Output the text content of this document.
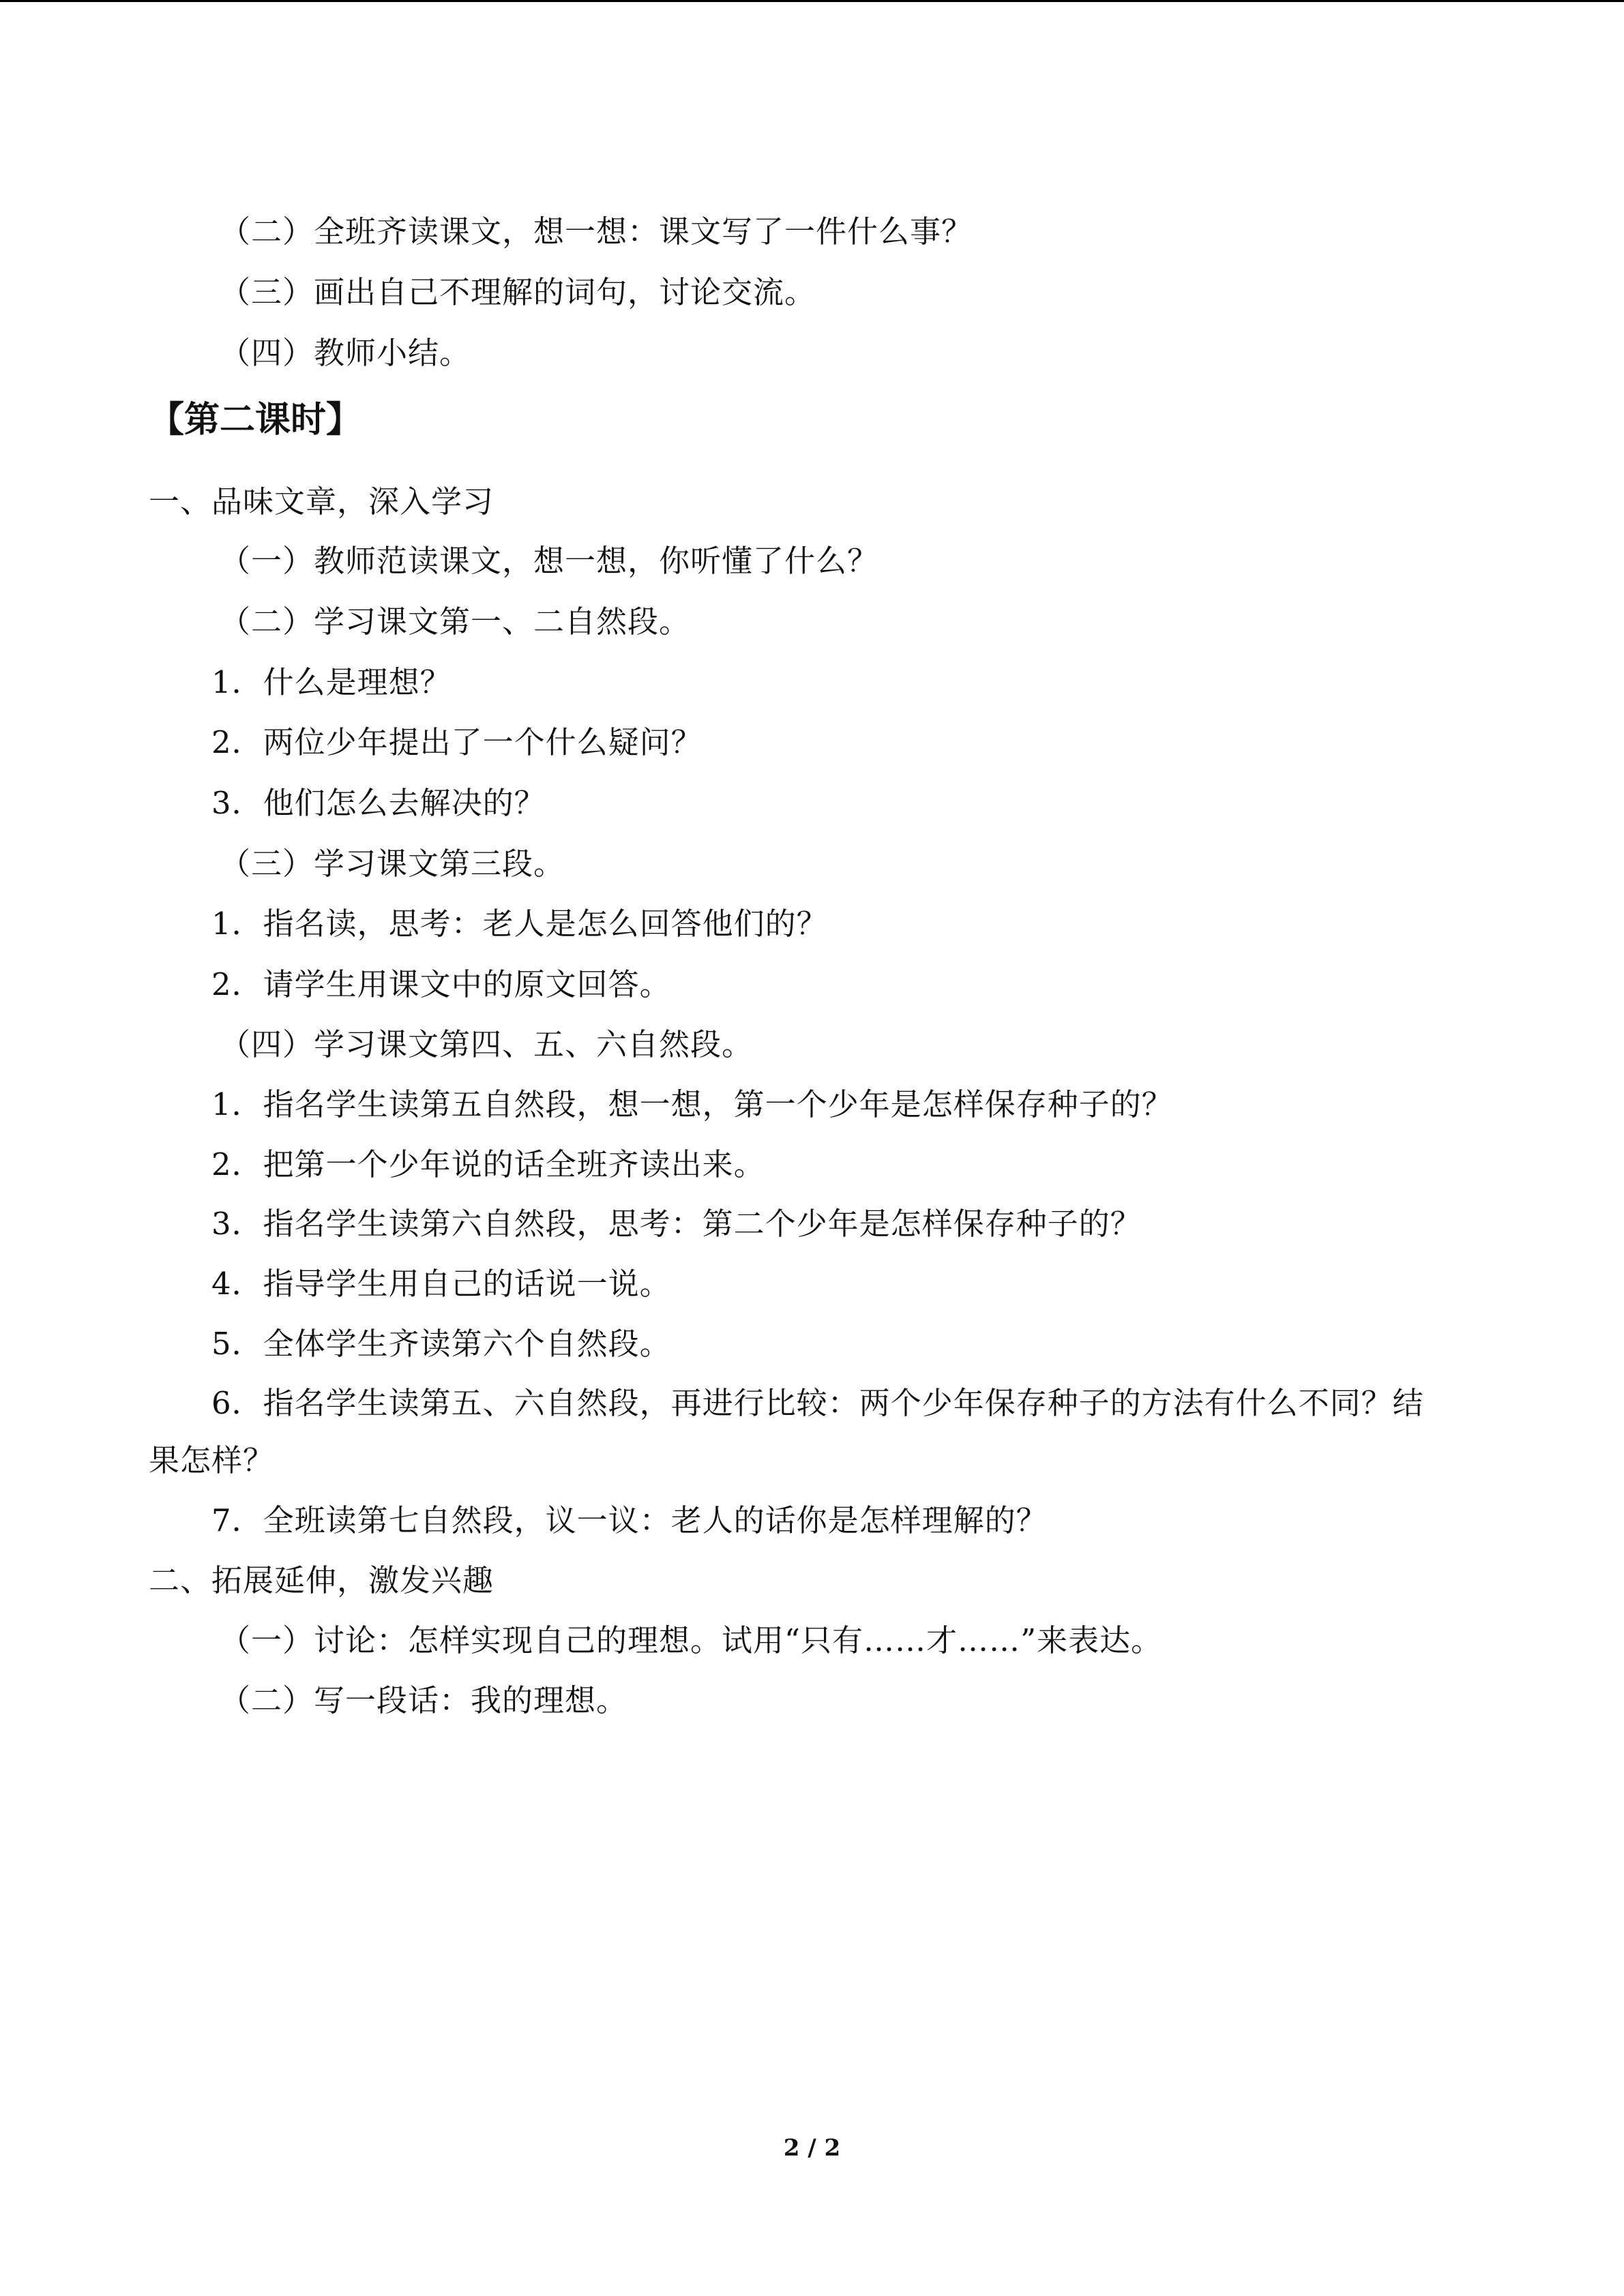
（二）全班齐读课文，想一想：课文写了一件什么事？
（三）画出自己不理解的词句，讨论交流。
（四）教师小结。
【第二课时】
一、品味文章，深入学习
（一）教师范读课文，想一想，你听懂了什么？
（二）学习课文第一、二自然段。
1．什么是理想？
2．两位少年提出了一个什么疑问？
3．他们怎么去解决的？
（三）学习课文第三段。
1．指名读，思考：老人是怎么回答他们的？
2．请学生用课文中的原文回答。
（四）学习课文第四、五、六自然段。
1．指名学生读第五自然段，想一想，第一个少年是怎样保存种子的？
2．把第一个少年说的话全班齐读出来。
3．指名学生读第六自然段，思考：第二个少年是怎样保存种子的？
4．指导学生用自己的话说一说。
5．全体学生齐读第六个自然段。
6．指名学生读第五、六自然段，再进行比较：两个少年保存种子的方法有什么不同？结
果怎样？
7．全班读第七自然段，议一议：老人的话你是怎样理解的？
二、拓展延伸，激发兴趣
（一）讨论：怎样实现自己的理想。试用“只有……才……”来表达。
（二）写一段话：我的理想。
2 / 2
